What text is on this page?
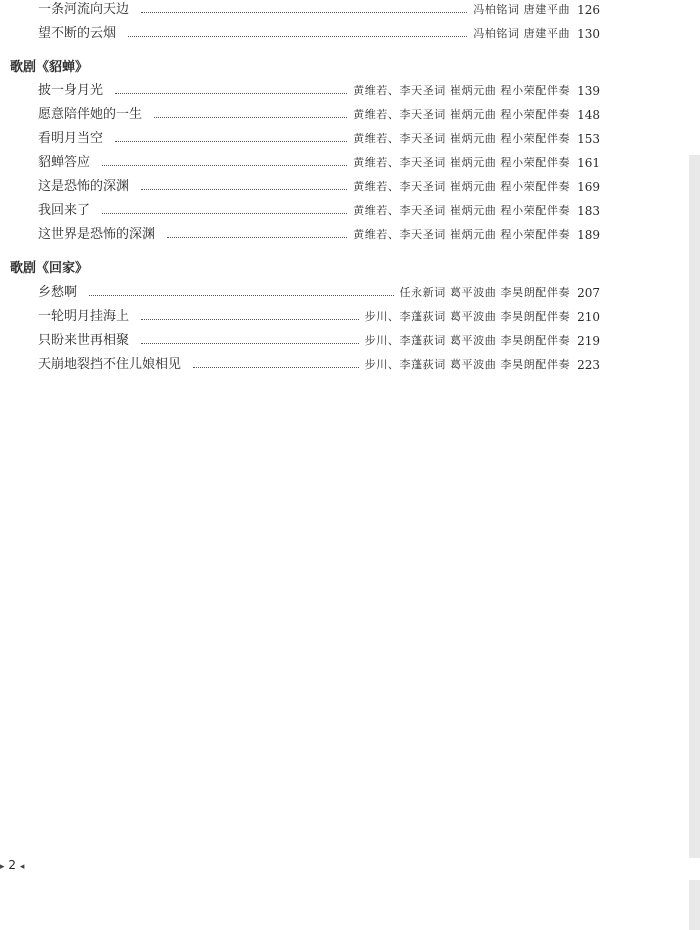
一条河流向天边	冯柏铭词 唐建平曲 126
望不断的云烟	冯柏铭词 唐建平曲 130
歌剧《貂蝉》
披一身月光	黄维若、李天圣词 崔炳元曲 程小荣配伴奏 139
愿意陪伴她的一生	黄维若、李天圣词 崔炳元曲 程小荣配伴奏 148
看明月当空	黄维若、李天圣词 崔炳元曲 程小荣配伴奏 153
貂蝉答应	黄维若、李天圣词 崔炳元曲 程小荣配伴奏 161
这是恐怖的深渊	黄维若、李天圣词 崔炳元曲 程小荣配伴奏 169
我回来了	黄维若、李天圣词 崔炳元曲 程小荣配伴奏 183
这世界是恐怖的深渊	黄维若、李天圣词 崔炳元曲 程小荣配伴奏 189
歌剧《回家》
乡愁啊	任永新词 葛平波曲 李昊朗配伴奏 207
一轮明月挂海上	步川、李蓬荻词 葛平波曲 李昊朗配伴奏 210
只盼来世再相聚	步川、李蓬荻词 葛平波曲 李昊朗配伴奏 219
天崩地裂挡不住儿娘相见	步川、李蓬荻词 葛平波曲 李昊朗配伴奏 223
▸ 2 ◂
